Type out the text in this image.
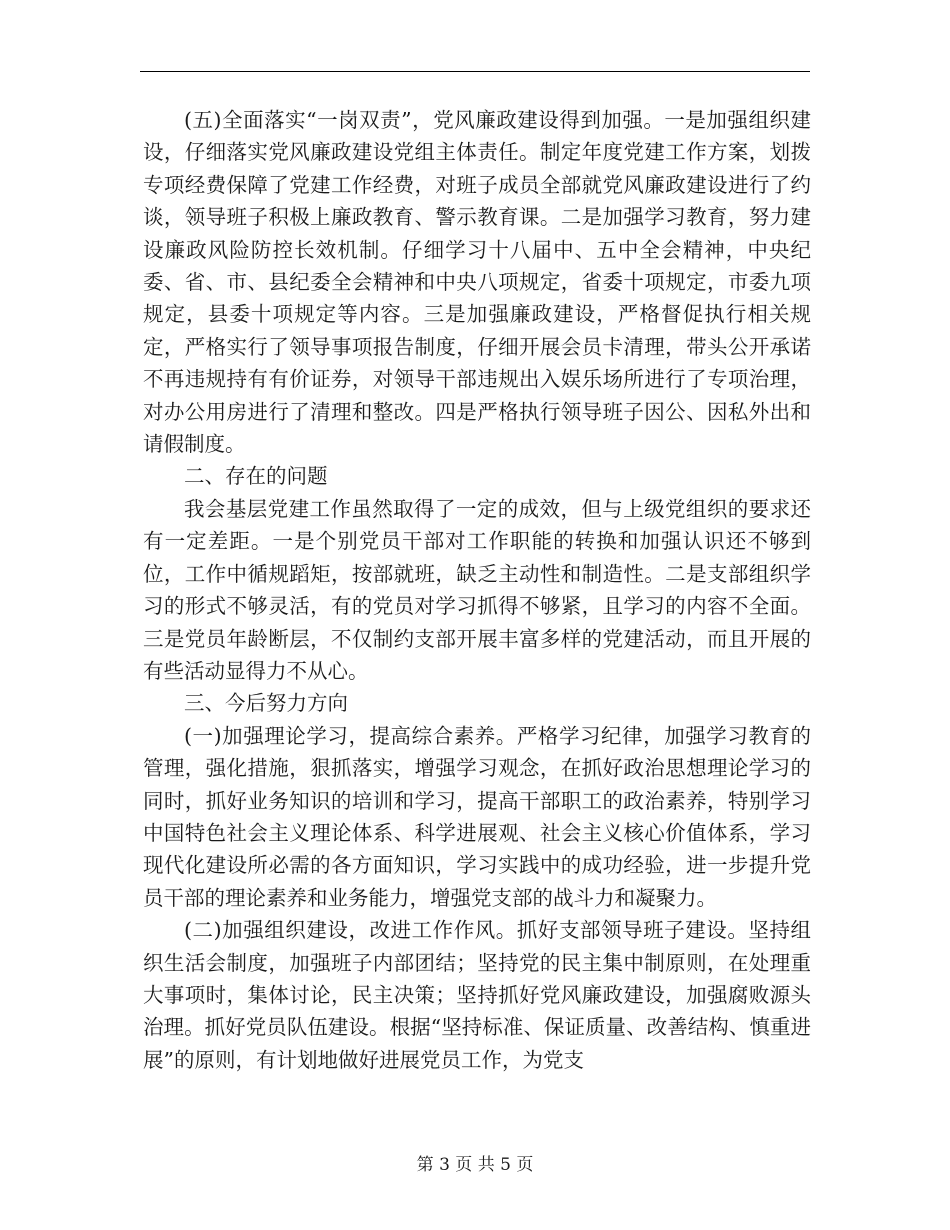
(五)全面落实“一岗双责”，党风廉政建设得到加强。一是加强组织建设，仔细落实党风廉政建设党组主体责任。制定年度党建工作方案，划拨专项经费保障了党建工作经费，对班子成员全部就党风廉政建设进行了约谈，领导班子积极上廉政教育、警示教育课。二是加强学习教育，努力建设廉政风险防控长效机制。仔细学习十八届中、五中全会精神，中央纪委、省、市、县纪委全会精神和中央八项规定，省委十项规定，市委九项规定，县委十项规定等内容。三是加强廉政建设，严格督促执行相关规定，严格实行了领导事项报告制度，仔细开展会员卡清理，带头公开承诺不再违规持有有价证券，对领导干部违规出入娱乐场所进行了专项治理，对办公用房进行了清理和整改。四是严格执行领导班子因公、因私外出和请假制度。

二、存在的问题

我会基层党建工作虽然取得了一定的成效，但与上级党组织的要求还有一定差距。一是个别党员干部对工作职能的转换和加强认识还不够到位，工作中循规蹈矩，按部就班，缺乏主动性和制造性。二是支部组织学习的形式不够灵活，有的党员对学习抓得不够紧，且学习的内容不全面。三是党员年龄断层，不仅制约支部开展丰富多样的党建活动，而且开展的有些活动显得力不从心。

三、今后努力方向

(一)加强理论学习，提高综合素养。严格学习纪律，加强学习教育的管理，强化措施，狠抓落实，增强学习观念，在抓好政治思想理论学习的同时，抓好业务知识的培训和学习，提高干部职工的政治素养，特别学习中国特色社会主义理论体系、科学进展观、社会主义核心价值体系，学习现代化建设所必需的各方面知识，学习实践中的成功经验，进一步提升党员干部的理论素养和业务能力，增强党支部的战斗力和凝聚力。

(二)加强组织建设，改进工作作风。抓好支部领导班子建设。坚持组织生活会制度，加强班子内部团结；坚持党的民主集中制原则，在处理重大事项时，集体讨论，民主决策；坚持抓好党风廉政建设，加强腐败源头治理。抓好党员队伍建设。根据“坚持标准、保证质量、改善结构、慎重进展”的原则，有计划地做好进展党员工作，为党支

第 3 页 共 5 页
